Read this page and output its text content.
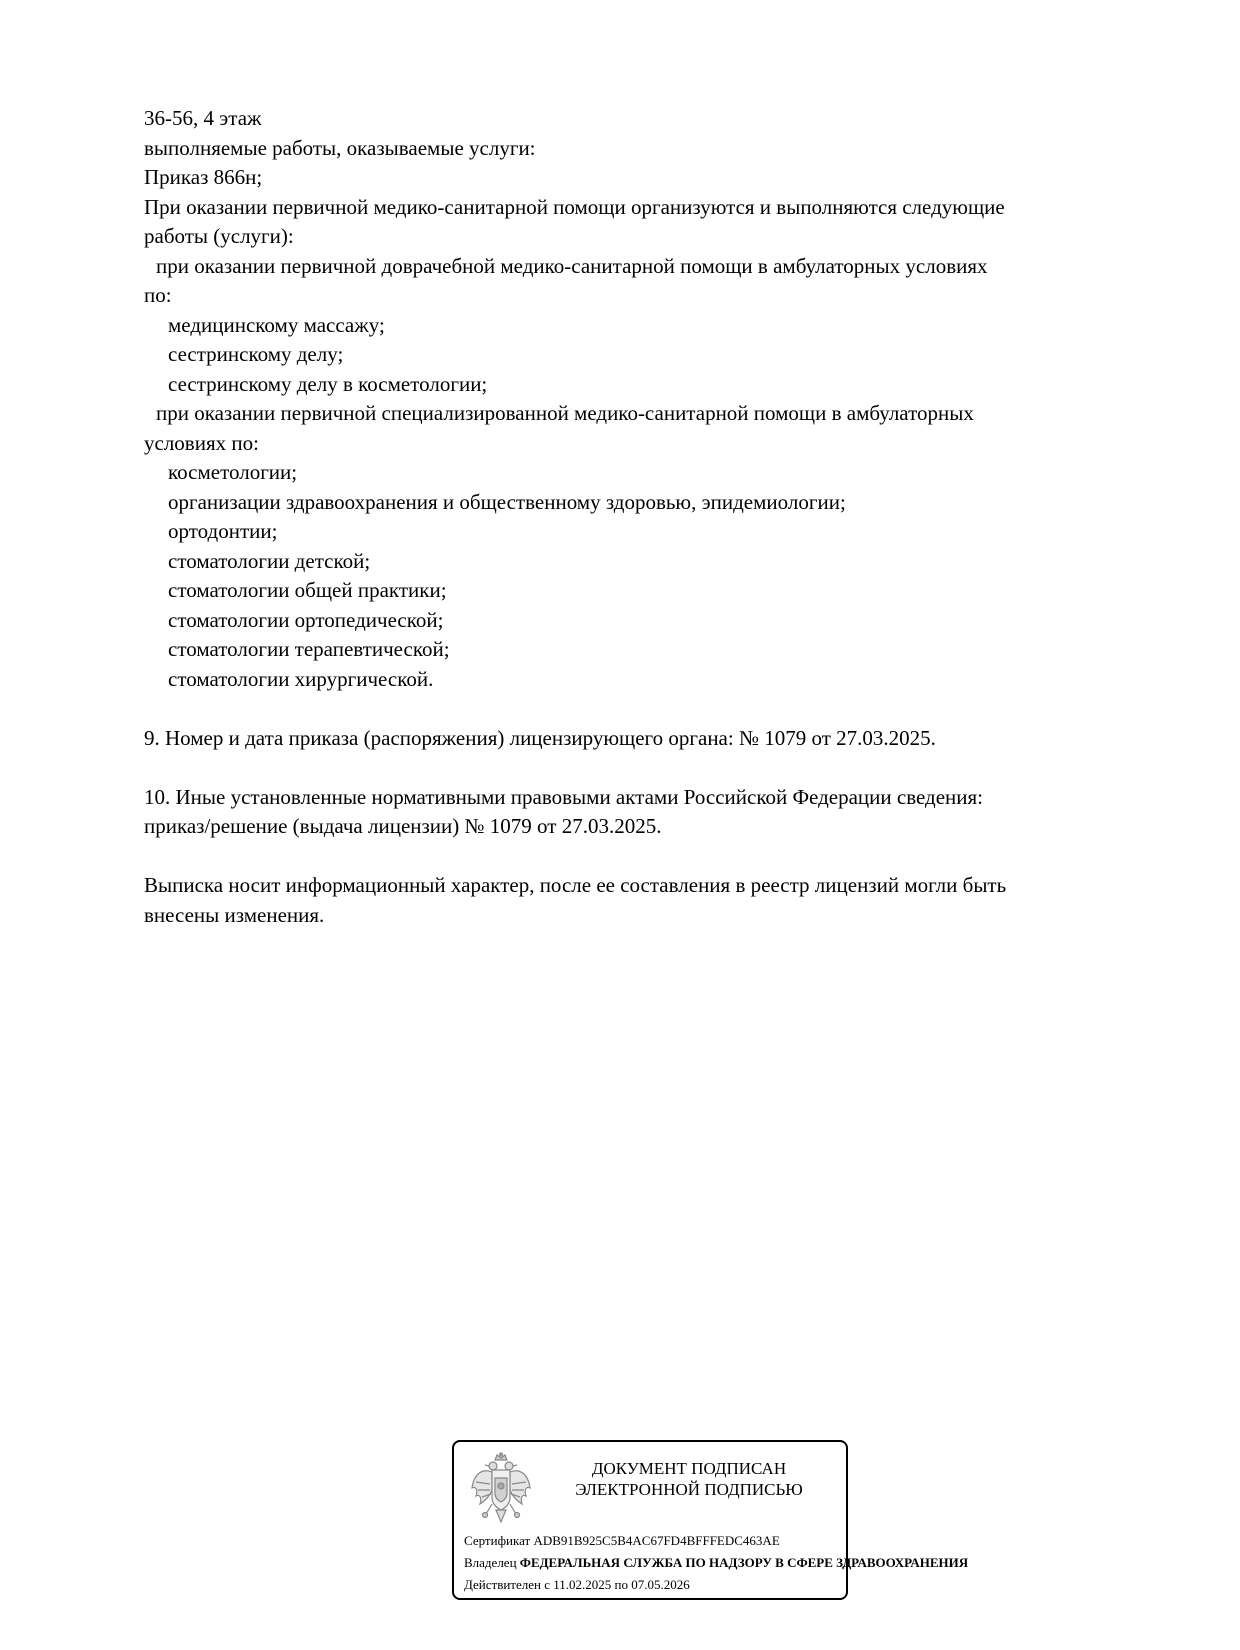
36-56, 4 этаж
выполняемые работы, оказываемые услуги:
Приказ 866н;
При оказании первичной медико-санитарной помощи организуются и выполняются следующие
работы (услуги):
при оказании первичной доврачебной медико-санитарной помощи в амбулаторных условиях
по:
медицинскому массажу;
сестринскому делу;
сестринскому делу в косметологии;
при оказании первичной специализированной медико-санитарной помощи в амбулаторных
условиях по:
косметологии;
организации здравоохранения и общественному здоровью, эпидемиологии;
ортодонтии;
стоматологии детской;
стоматологии общей практики;
стоматологии ортопедической;
стоматологии терапевтической;
стоматологии хирургической.
9. Номер и дата приказа (распоряжения) лицензирующего органа: № 1079 от 27.03.2025.
10. Иные установленные нормативными правовыми актами Российской Федерации сведения:
приказ/решение (выдача лицензии) № 1079 от 27.03.2025.
Выписка носит информационный характер, после ее составления в реестр лицензий могли быть
внесены изменения.
ДОКУМЕНТ ПОДПИСАН
ЭЛЕКТРОННОЙ ПОДПИСЬЮ
Сертификат ADB91B925C5B4AC67FD4BFFFEDC463AE
Владелец ФЕДЕРАЛЬНАЯ СЛУЖБА ПО НАДЗОРУ В СФЕРЕ ЗДРАВООХРАНЕНИЯ
Действителен с 11.02.2025 по 07.05.2026
